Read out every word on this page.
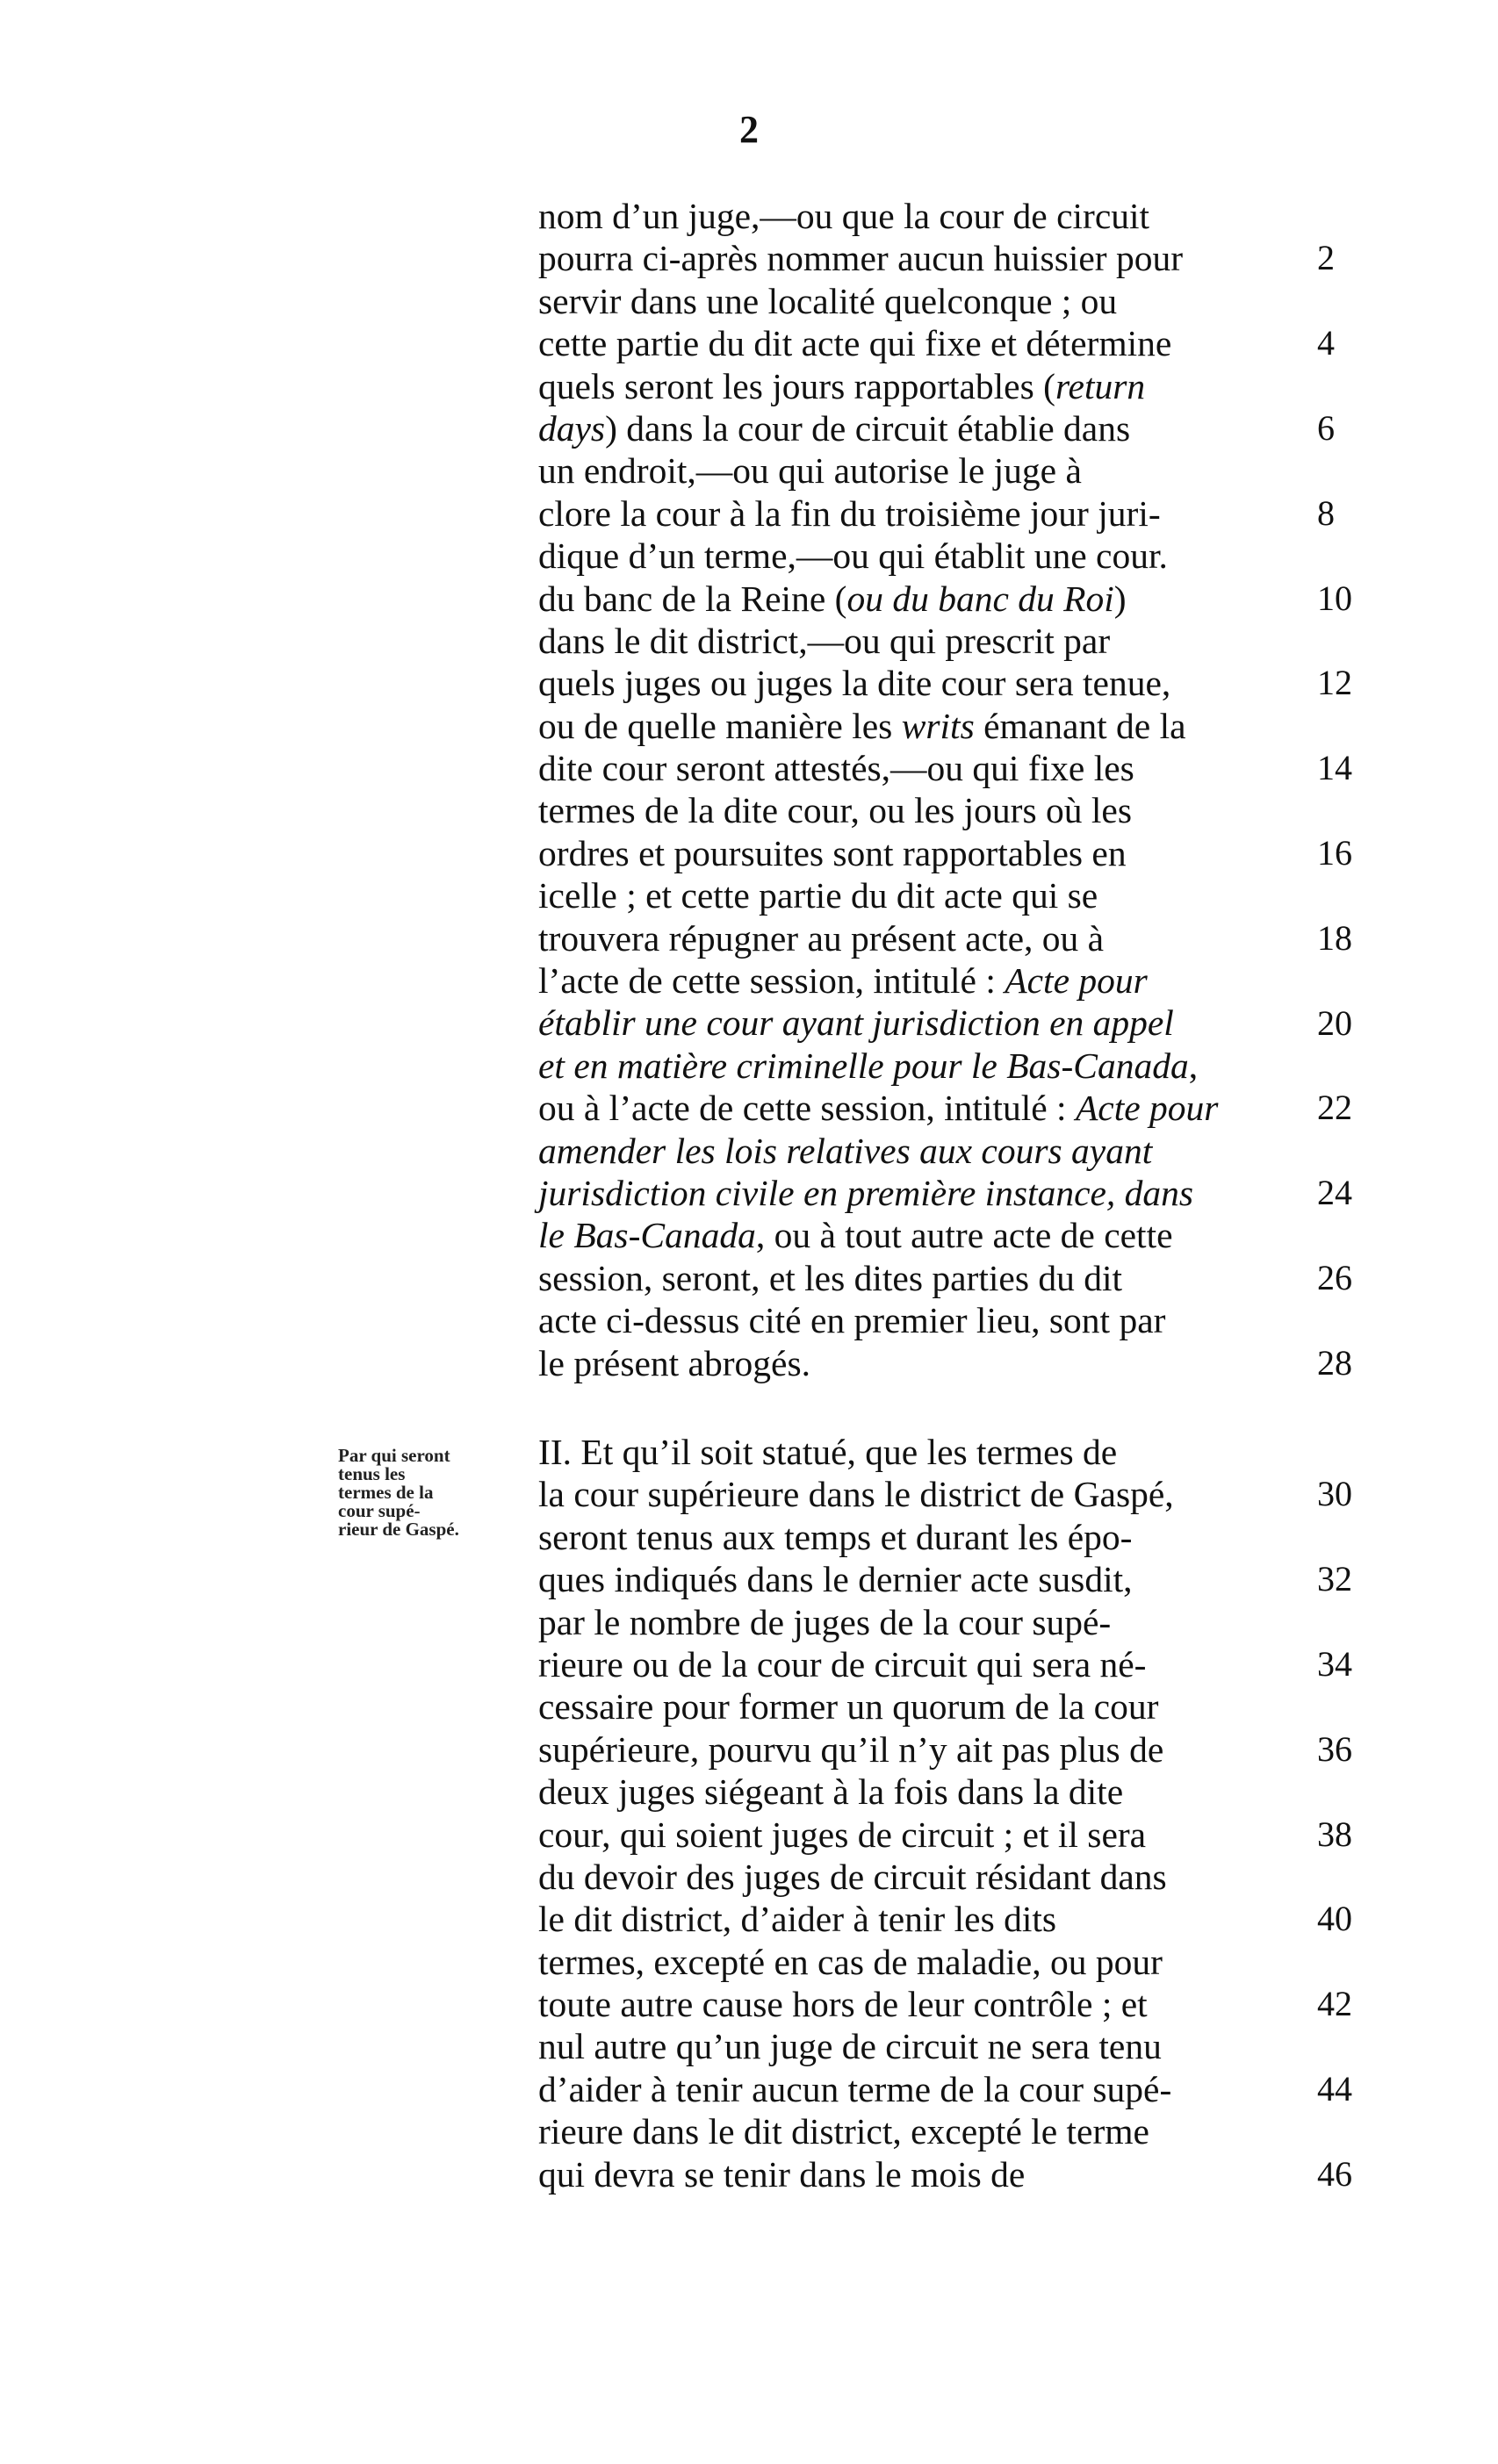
2
nom d’un juge,—ou que la cour de circuit
pourra ci-après nommer aucun huissier pour
servir dans une localité quelconque ; ou
cette partie du dit acte qui fixe et détermine
quels seront les jours rapportables (return
days) dans la cour de circuit établie dans
un endroit,—ou qui autorise le juge à
clore la cour à la fin du troisième jour juri-
dique d’un terme,—ou qui établit une cour.
du banc de la Reine (ou du banc du Roi)
dans le dit district,—ou qui prescrit par
quels juges ou juges la dite cour sera tenue,
ou de quelle manière les writs émanant de la
dite cour seront attestés,—ou qui fixe les
termes de la dite cour, ou les jours où les
ordres et poursuites sont rapportables en
icelle ; et cette partie du dit acte qui se
trouvera répugner au présent acte, ou à
l’acte de cette session, intitulé : Acte pour
établir une cour ayant jurisdiction en appel
et en matière criminelle pour le Bas-Canada,
ou à l’acte de cette session, intitulé : Acte pour
amender les lois relatives aux cours ayant
jurisdiction civile en première instance, dans
le Bas-Canada, ou à tout autre acte de cette
session, seront, et les dites parties du dit
acte ci-dessus cité en premier lieu, sont par
le présent abrogés.
Par qui seront
tenus les
termes de la
cour supé-
rieur de Gaspé.
II. Et qu’il soit statué, que les termes de
la cour supérieure dans le district de Gaspé,
seront tenus aux temps et durant les épo-
ques indiqués dans le dernier acte susdit,
par le nombre de juges de la cour supé-
rieure ou de la cour de circuit qui sera né-
cessaire pour former un quorum de la cour
supérieure, pourvu qu’il n’y ait pas plus de
deux juges siégeant à la fois dans la dite
cour, qui soient juges de circuit ; et il sera
du devoir des juges de circuit résidant dans
le dit district, d’aider à tenir les dits
termes, excepté en cas de maladie, ou pour
toute autre cause hors de leur contrôle ; et
nul autre qu’un juge de circuit ne sera tenu
d’aider à tenir aucun terme de la cour supé-
rieure dans le dit district, excepté le terme
qui devra se tenir dans le mois de
2
4
6
8
10
12
14
16
18
20
22
24
26
28
30
32
34
36
38
40
42
44
46
